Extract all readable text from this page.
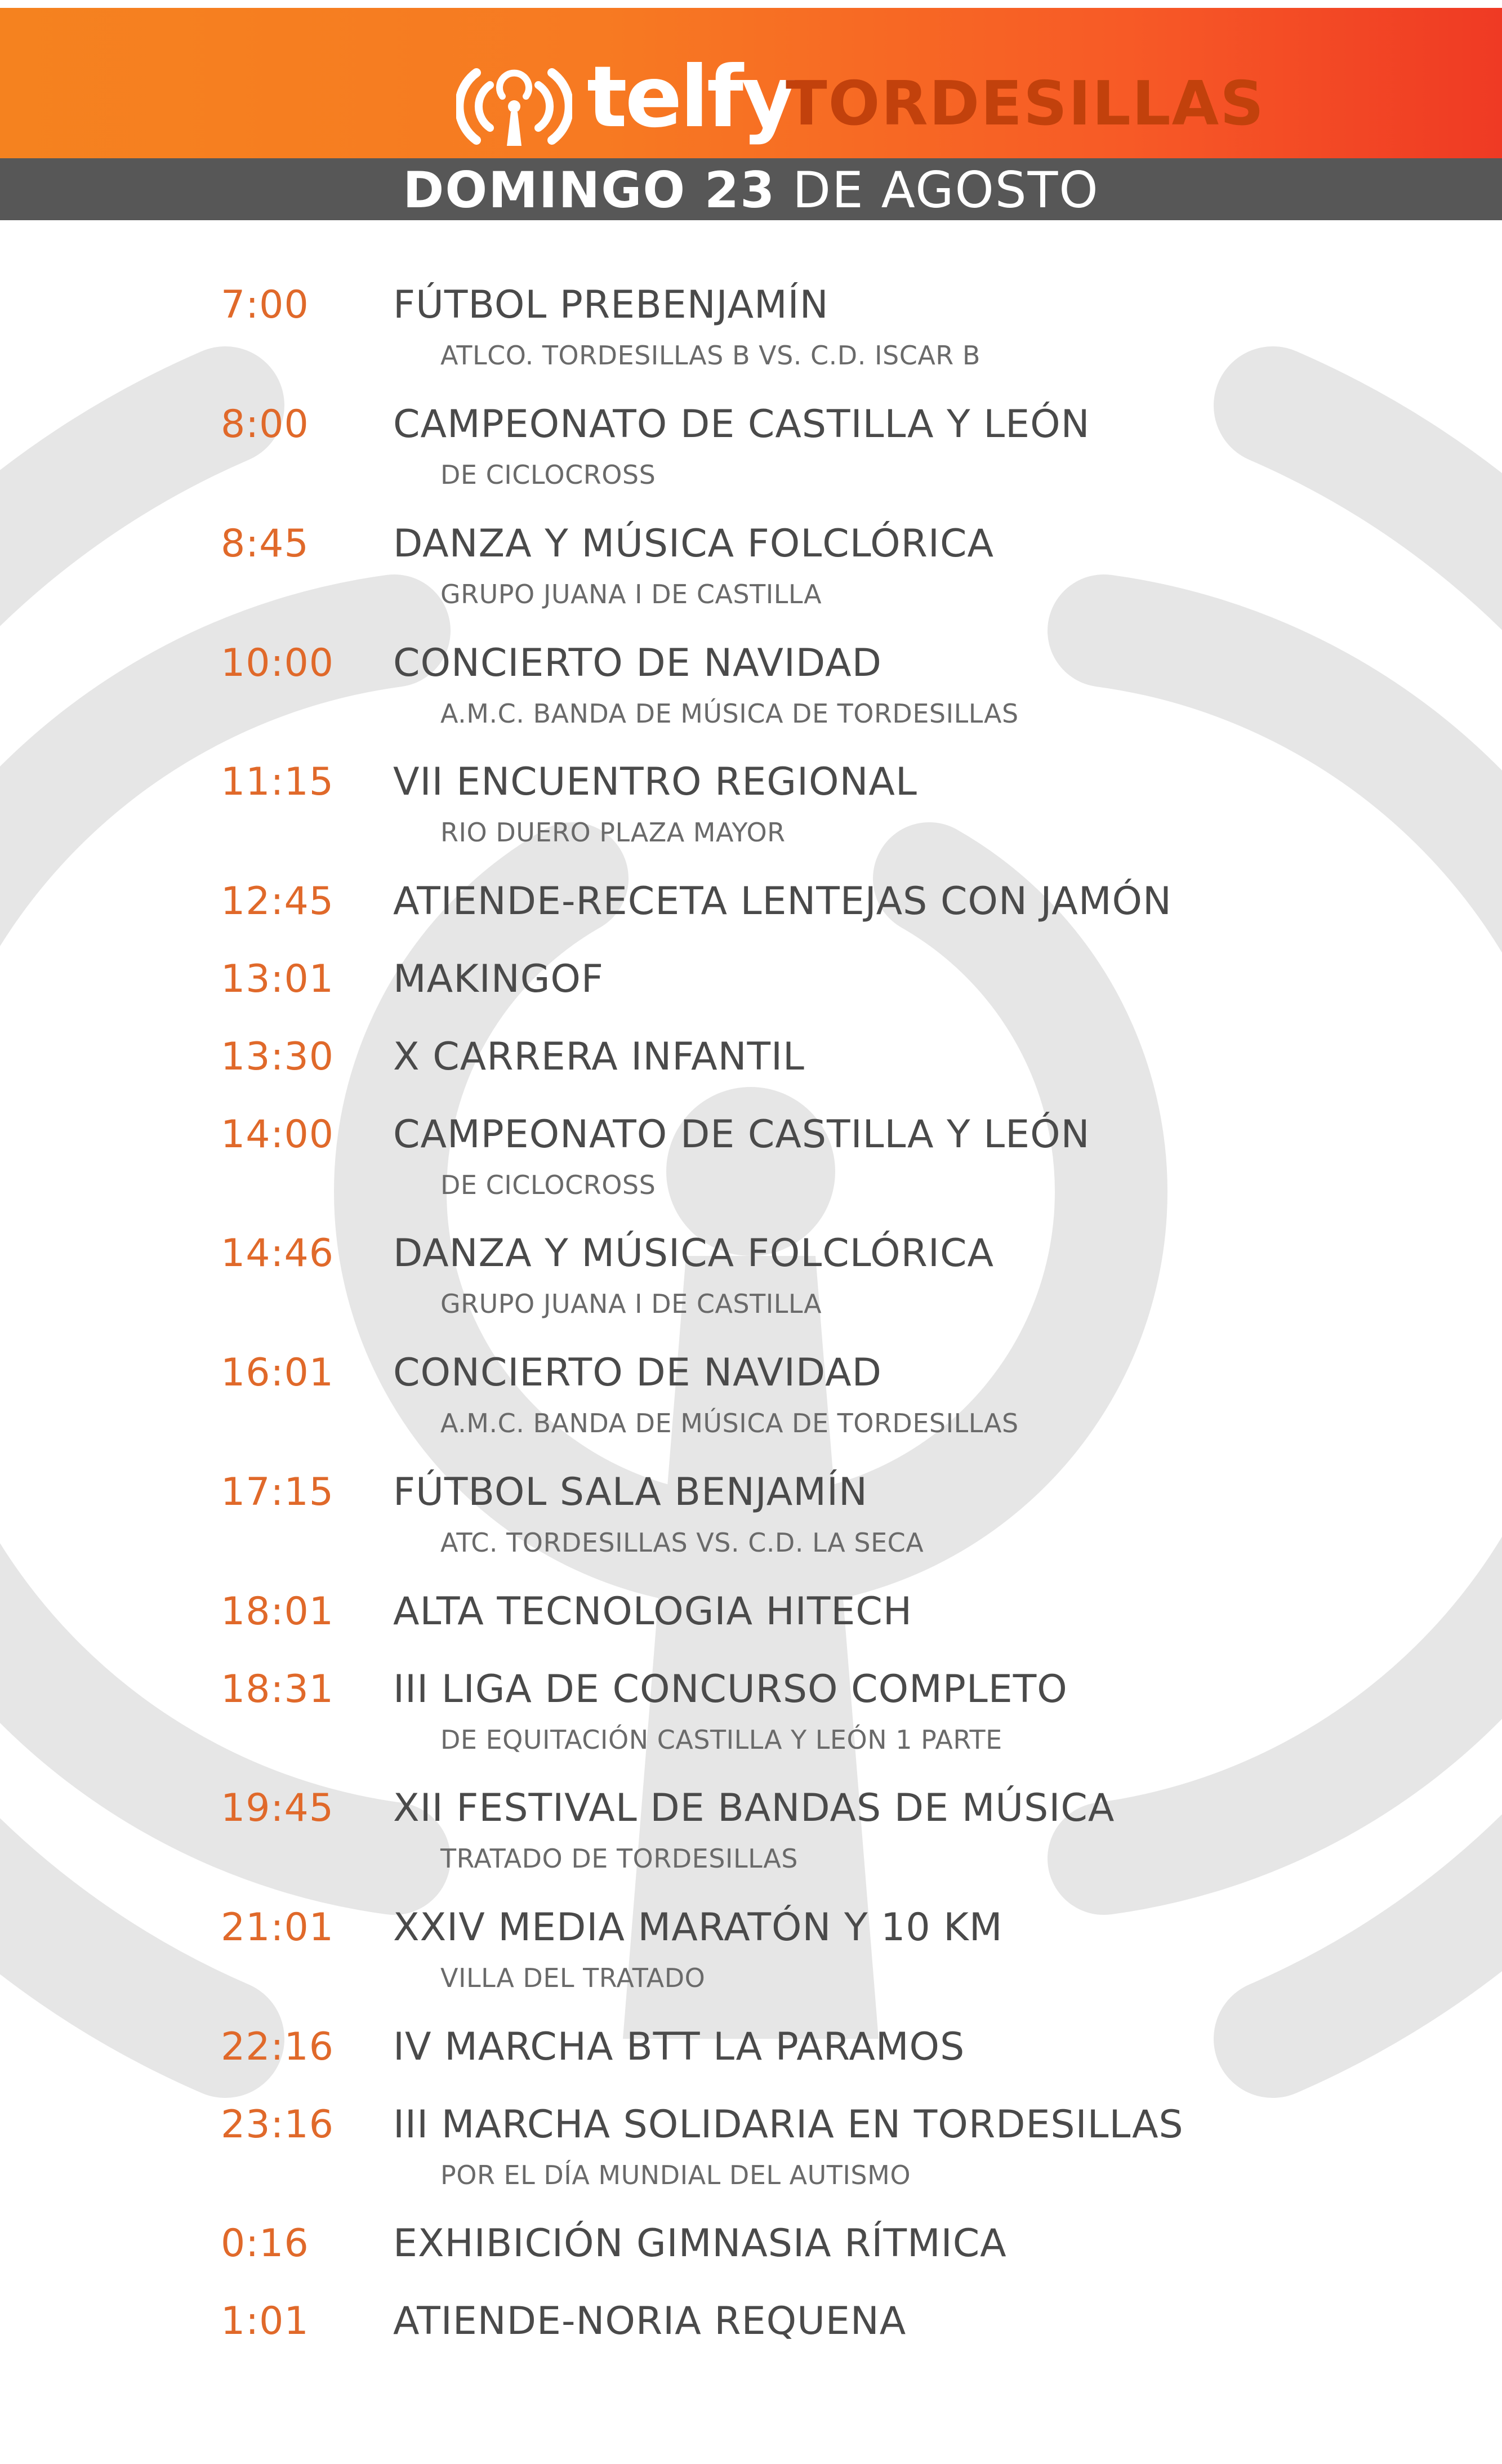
telfy
TORDESILLAS
DOMINGO 23 DE AGOSTO
7:00 FÚTBOL PREBENJAMÍN
ATLCO. TORDESILLAS B VS. C.D. ISCAR B
8:00 CAMPEONATO DE CASTILLA Y LEÓN
DE CICLOCROSS
8:45 DANZA Y MÚSICA FOLCLÓRICA
GRUPO JUANA I DE CASTILLA
10:00 CONCIERTO DE NAVIDAD
A.M.C. BANDA DE MÚSICA DE TORDESILLAS
11:15 VII ENCUENTRO REGIONAL
RIO DUERO PLAZA MAYOR
12:45 ATIENDE-RECETA LENTEJAS CON JAMÓN
13:01 MAKINGOF
13:30 X CARRERA INFANTIL
14:00 CAMPEONATO DE CASTILLA Y LEÓN
DE CICLOCROSS
14:46 DANZA Y MÚSICA FOLCLÓRICA
GRUPO JUANA I DE CASTILLA
16:01 CONCIERTO DE NAVIDAD
A.M.C. BANDA DE MÚSICA DE TORDESILLAS
17:15 FÚTBOL SALA BENJAMÍN
ATC. TORDESILLAS VS. C.D. LA SECA
18:01 ALTA TECNOLOGIA HITECH
18:31 III LIGA DE CONCURSO COMPLETO
DE EQUITACIÓN CASTILLA Y LEÓN 1 PARTE
19:45 XII FESTIVAL DE BANDAS DE MÚSICA
TRATADO DE TORDESILLAS
21:01 XXIV MEDIA MARATÓN Y 10 KM
VILLA DEL TRATADO
22:16 IV MARCHA BTT LA PARAMOS
23:16 III MARCHA SOLIDARIA EN TORDESILLAS
POR EL DÍA MUNDIAL DEL AUTISMO
0:16 EXHIBICIÓN GIMNASIA RÍTMICA
1:01 ATIENDE-NORIA REQUENA
